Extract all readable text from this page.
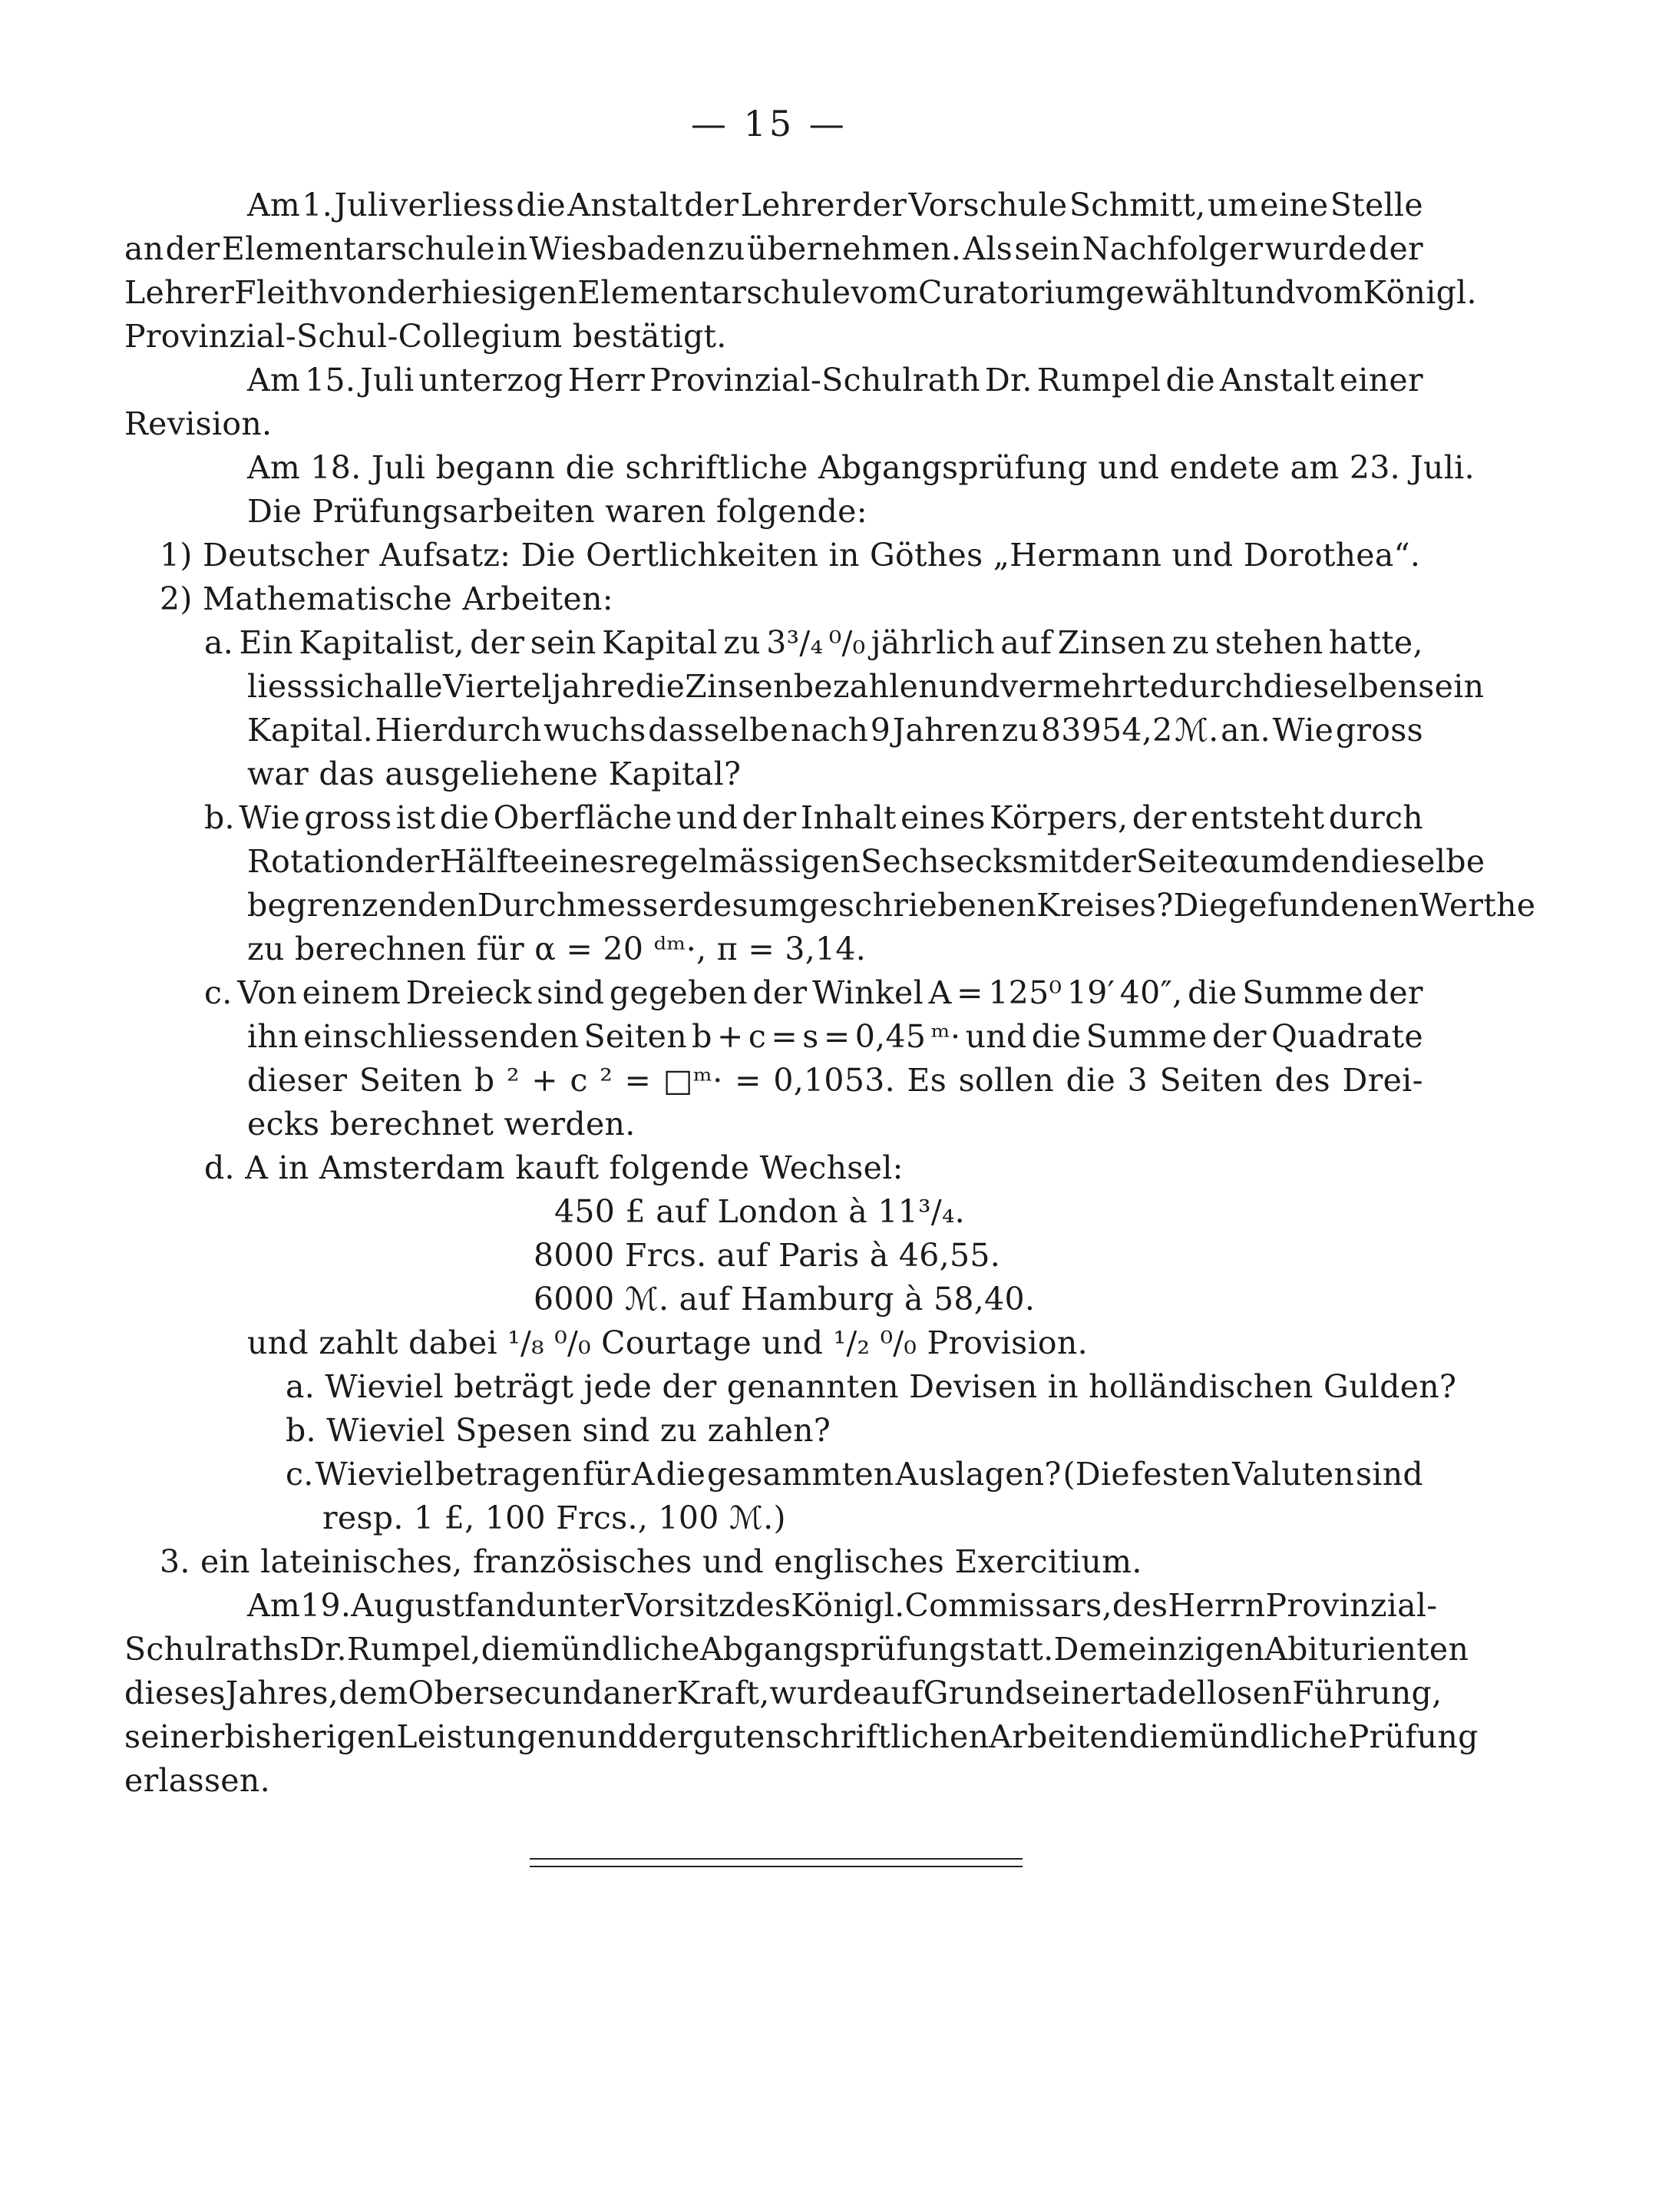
— 15 —
Am 1. Juli verliess die Anstalt der Lehrer der Vorschule Schmitt, um eine Stelle
an der Elementarschule in Wiesbaden zu übernehmen. Als sein Nachfolger wurde der
Lehrer Fleith von der hiesigen Elementarschule vom Curatorium gewählt und vom Königl.
Provinzial-Schul-Collegium bestätigt.
Am 15. Juli unterzog Herr Provinzial-Schulrath Dr. Rumpel die Anstalt einer
Revision.
Am 18. Juli begann die schriftliche Abgangsprüfung und endete am 23. Juli.
Die Prüfungsarbeiten waren folgende:
1) Deutscher Aufsatz: Die Oertlichkeiten in Göthes „Hermann und Dorothea“.
2) Mathematische Arbeiten:
a. Ein Kapitalist, der sein Kapital zu 3³/₄ ⁰/₀ jährlich auf Zinsen zu stehen hatte,
liess sich alle Vierteljahre die Zinsen bezahlen und vermehrte durch dieselben sein
Kapital. Hierdurch wuchs dasselbe nach 9 Jahren zu 83954,2 ℳ. an. Wie gross
war das ausgeliehene Kapital?
b. Wie gross ist die Oberfläche und der Inhalt eines Körpers, der entsteht durch
Rotation der Hälfte eines regelmässigen Sechsecks mit der Seite α um den dieselbe
begrenzenden Durchmesser des umgeschriebenen Kreises? Die gefundenen Werthe
zu berechnen für α = 20 ᵈᵐ·, π = 3,14.
c. Von einem Dreieck sind gegeben der Winkel A = 125⁰ 19′ 40″, die Summe der
ihn einschliessenden Seiten b + c = s = 0,45 ᵐ· und die Summe der Quadrate
dieser Seiten b ² + c ² = □ᵐ· = 0,1053. Es sollen die 3 Seiten des Drei-
ecks berechnet werden.
d. A in Amsterdam kauft folgende Wechsel:
450 £ auf London à 11³/₄.
8000 Frcs. auf Paris à 46,55.
6000 ℳ. auf Hamburg à 58,40.
und zahlt dabei ¹/₈ ⁰/₀ Courtage und ¹/₂ ⁰/₀ Provision.
a. Wieviel beträgt jede der genannten Devisen in holländischen Gulden?
b. Wieviel Spesen sind zu zahlen?
c. Wieviel betragen für A die gesammten Auslagen? (Die festen Valuten sind
resp. 1 £, 100 Frcs., 100 ℳ.)
3. ein lateinisches, französisches und englisches Exercitium.
Am 19. August fand unter Vorsitz des Königl. Commissars, des Herrn Provinzial-
Schulraths Dr. Rumpel, die mündliche Abgangsprüfung statt. Dem einzigen Abiturienten
dieses Jahres, dem Obersecundaner Kraft, wurde auf Grund seiner tadellosen Führung,
seiner bisherigen Leistungen und der guten schriftlichen Arbeiten die mündliche Prüfung
erlassen.
